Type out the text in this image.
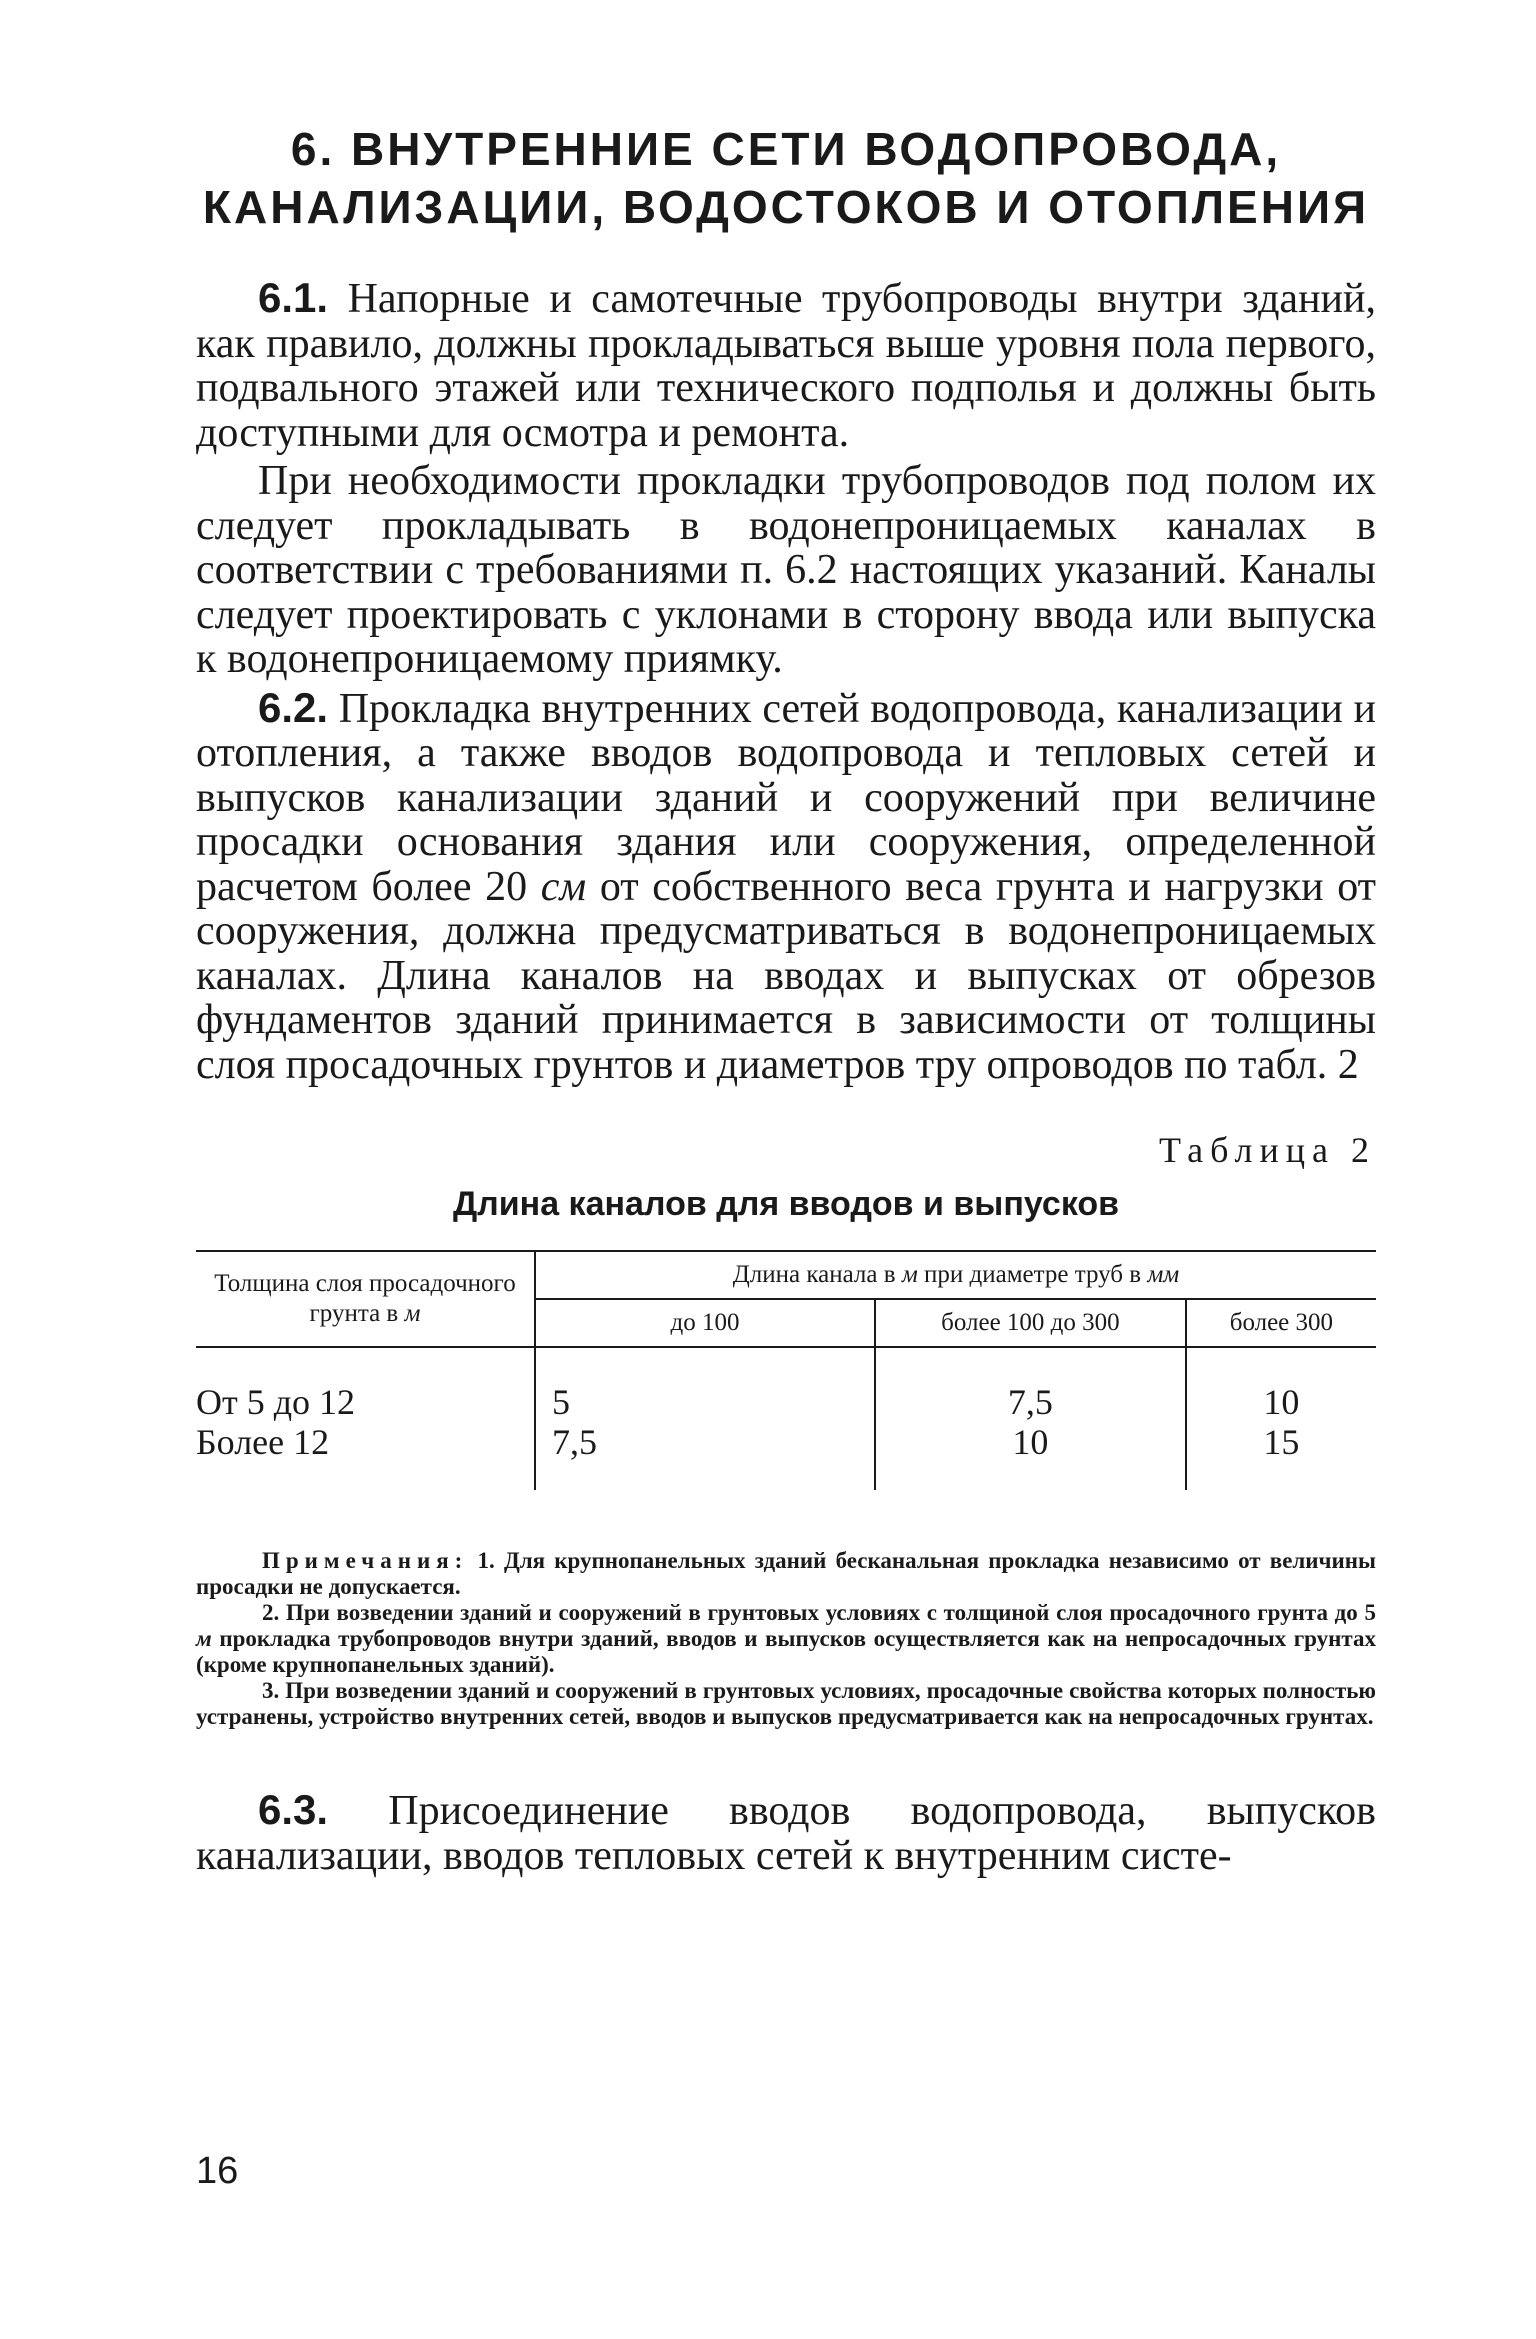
6. ВНУТРЕННИЕ СЕТИ ВОДОПРОВОДА,
КАНАЛИЗАЦИИ, ВОДОСТОКОВ И ОТОПЛЕНИЯ

6.1. Напорные и самотечные трубопроводы внутри зданий, как правило, должны прокладываться выше уровня пола первого, подвального этажей или технического подполья и должны быть доступными для осмотра и ремонта.

При необходимости прокладки трубопроводов под полом их следует прокладывать в водонепроницаемых каналах в соответствии с требованиями п. 6.2 настоящих указаний. Каналы следует проектировать с уклонами в сторону ввода или выпуска к водонепроницаемому приямку.

6.2. Прокладка внутренних сетей водопровода, канализации и отопления, а также вводов водопровода и тепловых сетей и выпусков канализации зданий и сооружений при величине просадки основания здания или сооружения, определенной расчетом более 20 см от собственного веса грунта и нагрузки от сооружения, должна предусматриваться в водонепроницаемых каналах. Длина каналов на вводах и выпусках от обрезов фундаментов зданий принимается в зависимости от толщины слоя просадочных грунтов и диаметров тру опроводов по табл. 2

Таблица 2
Длина каналов для вводов и выпусков
Толщина слоя просадочного грунта в м	Длина канала в м при диаметре труб в мм		
	до 100	более 100 до 300	более 300
От 5 до 12	5	7,5	10
Более 12	7,5	10	15

Примечания: 1. Для крупнопанельных зданий бесканальная прокладка независимо от величины просадки не допускается.

2. При возведении зданий и сооружений в грунтовых условиях с толщиной слоя просадочного грунта до 5 м прокладка трубопроводов внутри зданий, вводов и выпусков осуществляется как на непросадочных грунтах (кроме крупнопанельных зданий).

3. При возведении зданий и сооружений в грунтовых условиях, просадочные свойства которых полностью устранены, устройство внутренних сетей, вводов и выпусков предусматривается как на непросадочных грунтах.

6.3. Присоединение вводов водопровода, выпусков канализации, вводов тепловых сетей к внутренним систе-

16
